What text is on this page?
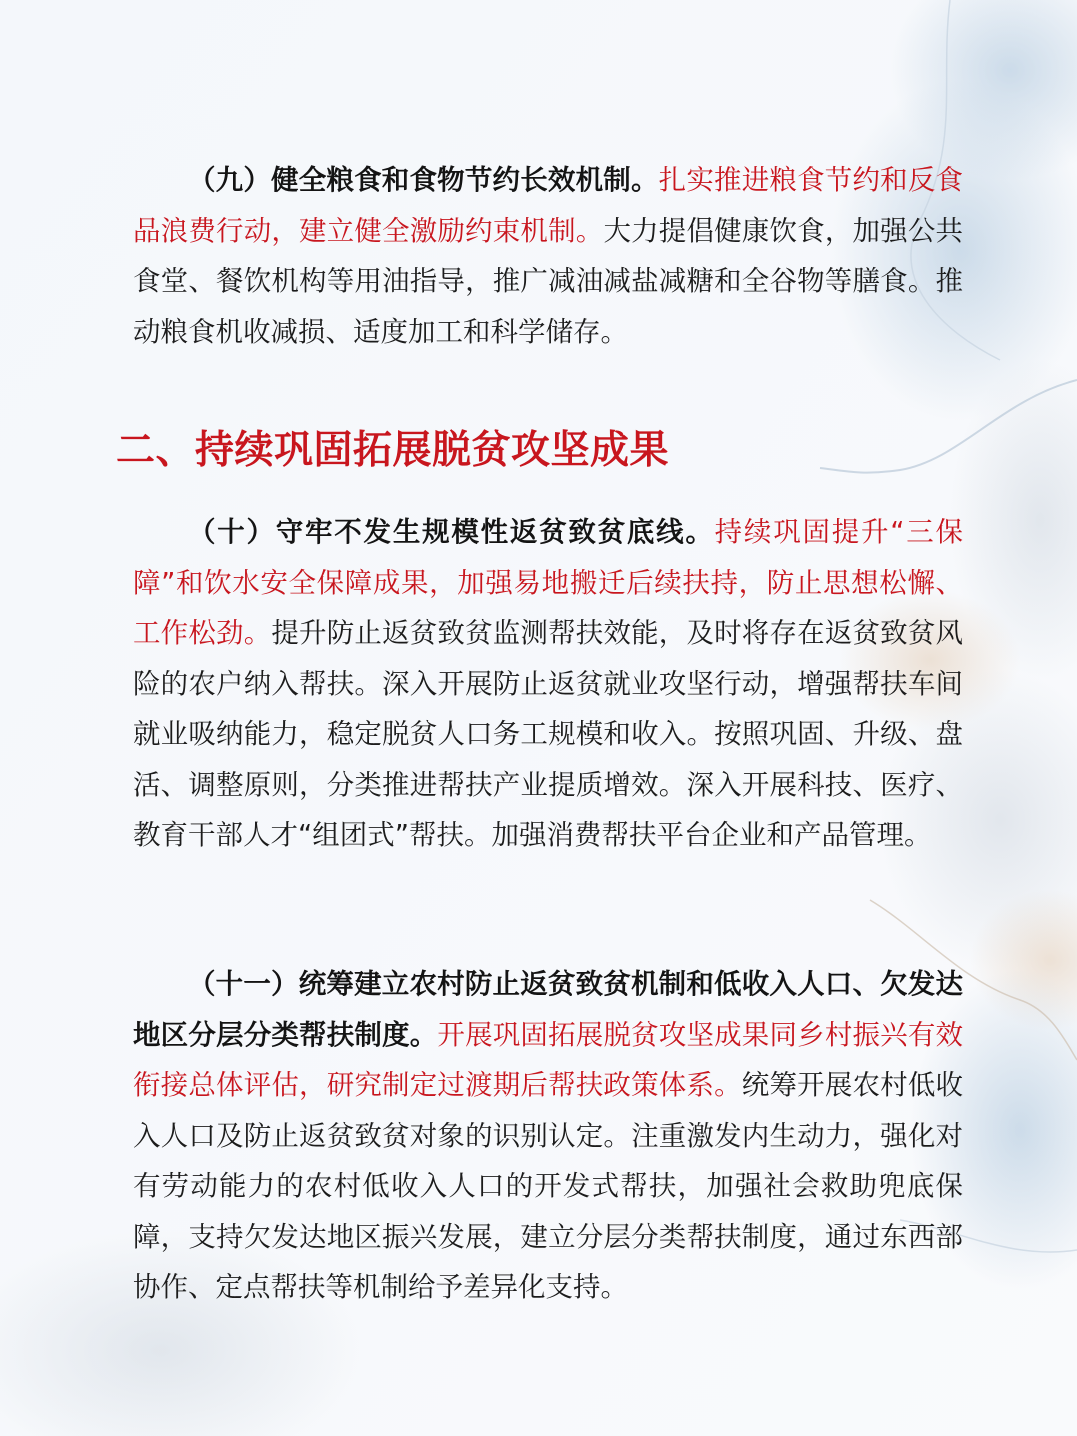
（九）健全粮食和食物节约长效机制。扎实推进粮食节约和反食品浪费行动，建立健全激励约束机制。大力提倡健康饮食，加强公共食堂、餐饮机构等用油指导，推广减油减盐减糖和全谷物等膳食。推动粮食机收减损、适度加工和科学储存。

二、持续巩固拓展脱贫攻坚成果

（十）守牢不发生规模性返贫致贫底线。持续巩固提升“三保障”和饮水安全保障成果，加强易地搬迁后续扶持，防止思想松懈、工作松劲。提升防止返贫致贫监测帮扶效能，及时将存在返贫致贫风险的农户纳入帮扶。深入开展防止返贫就业攻坚行动，增强帮扶车间就业吸纳能力，稳定脱贫人口务工规模和收入。按照巩固、升级、盘活、调整原则，分类推进帮扶产业提质增效。深入开展科技、医疗、教育干部人才“组团式”帮扶。加强消费帮扶平台企业和产品管理。

（十一）统筹建立农村防止返贫致贫机制和低收入人口、欠发达地区分层分类帮扶制度。开展巩固拓展脱贫攻坚成果同乡村振兴有效衔接总体评估，研究制定过渡期后帮扶政策体系。统筹开展农村低收入人口及防止返贫致贫对象的识别认定。注重激发内生动力，强化对有劳动能力的农村低收入人口的开发式帮扶，加强社会救助兜底保障，支持欠发达地区振兴发展，建立分层分类帮扶制度，通过东西部协作、定点帮扶等机制给予差异化支持。
